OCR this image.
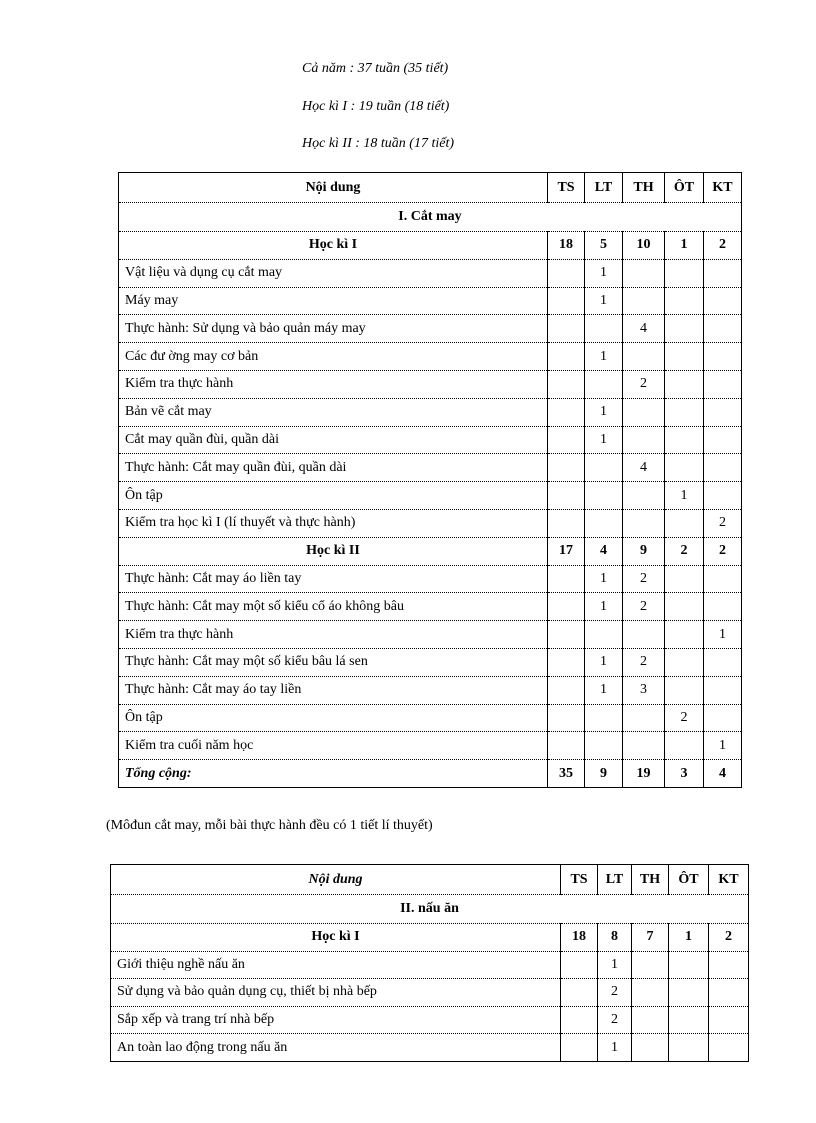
Cả năm : 37 tuần (35 tiết)
Học kì I : 19 tuần (18 tiết)
Học kì II : 18 tuần (17 tiết)
Nội dung	TS	LT	TH	ÔT	KT
I. Cắt may					
Học kì I	18	5	10	1	2
Vật liệu và dụng cụ cắt may		1			
Máy may		1			
Thực hành: Sử dụng và bảo quản máy may			4		
Các đư ờng may cơ bản		1			
Kiểm tra thực hành			2		
Bản vẽ cắt may		1			
Cắt may quần đùi, quần dài		1			
Thực hành: Cắt may quần đùi, quần dài			4		
Ôn tập				1	
Kiểm tra học kì I (lí thuyết và thực hành)					2
Học kì II	17	4	9	2	2
Thực hành: Cắt may áo liền tay		1	2		
Thực hành: Cắt may một số kiểu cổ áo không bâu		1	2		
Kiểm tra thực hành					1
Thực hành: Cắt may một số kiểu bâu lá sen		1	2		
Thực hành: Cắt may áo tay liền		1	3		
Ôn tập				2	
Kiểm tra cuối năm học					1
Tổng cộng:	35	9	19	3	4
(Môđun cắt may, mỗi bài thực hành đều có 1 tiết lí thuyết)
Nội dung	TS	LT	TH	ÔT	KT
II. nấu ăn					
Học kì I	18	8	7	1	2
Giới thiệu nghề nấu ăn		1			
Sử dụng và bảo quản dụng cụ, thiết bị nhà bếp		2			
Sắp xếp và trang trí nhà bếp		2			
An toàn lao động trong nấu ăn		1			
